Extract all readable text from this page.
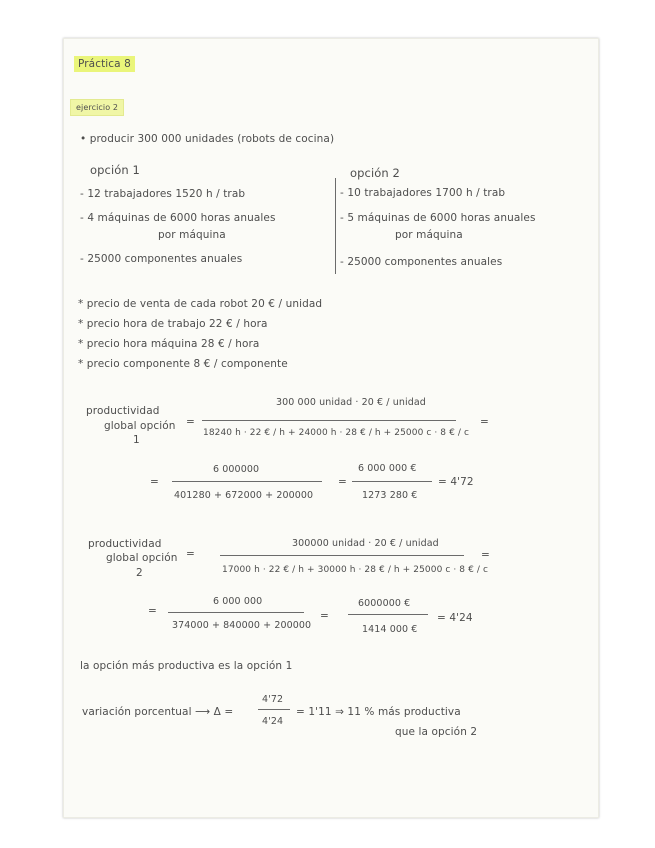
Práctica 8
ejercicio 2
• producir 300 000 unidades (robots de cocina)
opción 1
- 12 trabajadores 1520 h / trab
- 4 máquinas de 6000 horas anuales
por máquina
- 25000 componentes anuales
opción 2
- 10 trabajadores 1700 h / trab
- 5 máquinas de 6000 horas anuales
por máquina
- 25000 componentes anuales
* precio de venta de cada robot 20 € / unidad
* precio hora de trabajo 22 € / hora
* precio hora máquina 28 € / hora
* precio componente 8 € / componente
productividad
global opción
1
=
300 000 unidad · 20 € / unidad
18240 h · 22 € / h + 24000 h · 28 € / h + 25000 c · 8 € / c
=
=
6 000000
401280 + 672000 + 200000
=
6 000 000 €
1273 280 €
= 4'72
productividad
global opción
2
=
300000 unidad · 20 € / unidad
17000 h · 22 € / h + 30000 h · 28 € / h + 25000 c · 8 € / c
=
=
6 000 000
374000 + 840000 + 200000
=
6000000 €
1414 000 €
= 4'24
la opción más productiva es la opción 1
variación porcentual ⟶ Δ =
4'72
4'24
= 1'11 ⇒ 11 % más productiva
que la opción 2
